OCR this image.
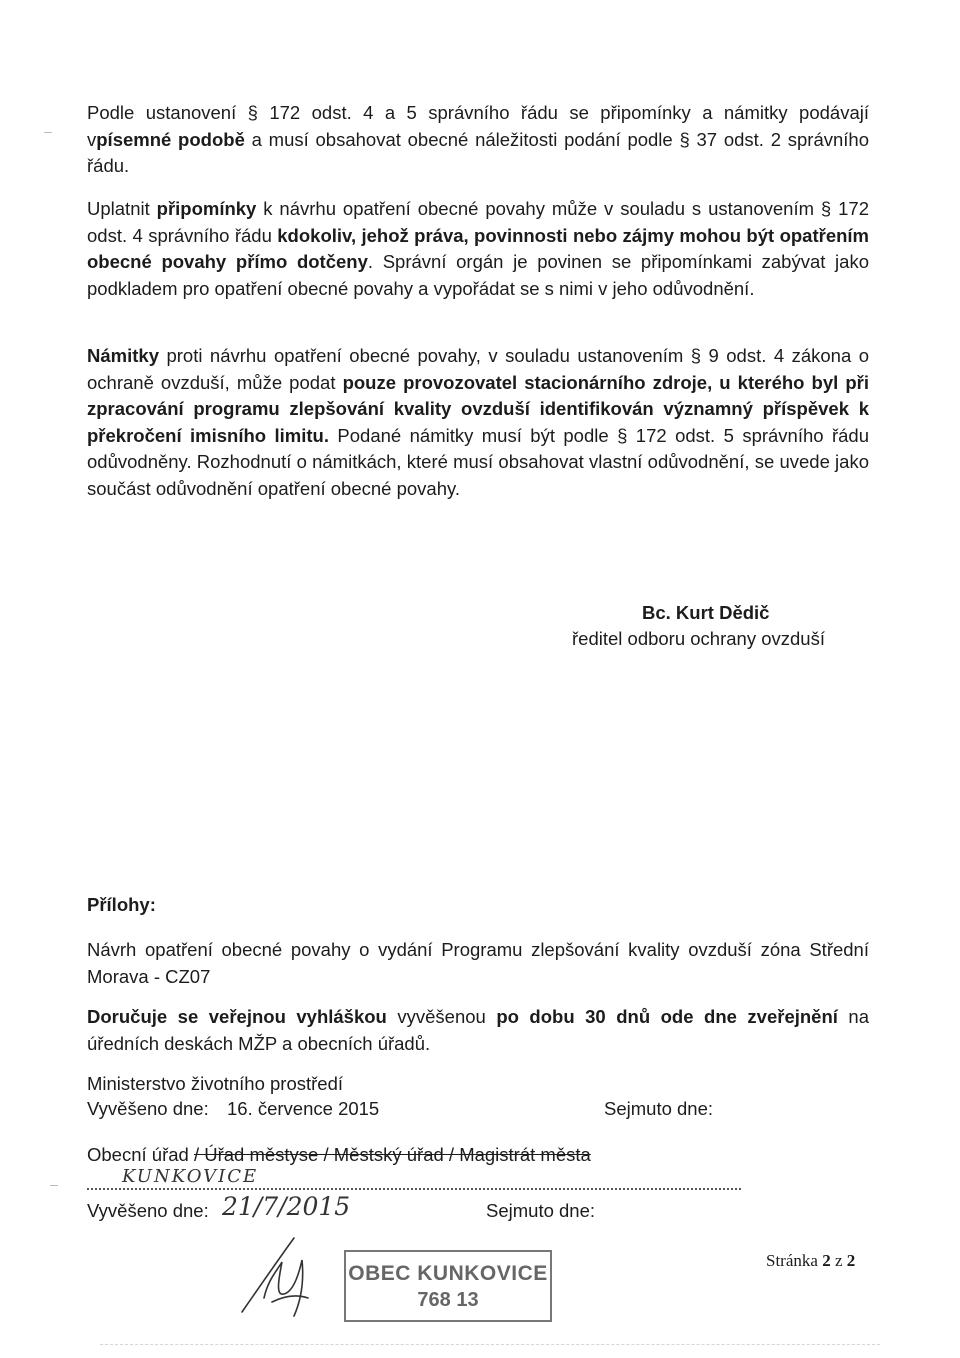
Podle ustanovení § 172 odst. 4 a 5 správního řádu se připomínky a námitky podávají vpísemné podobě a musí obsahovat obecné náležitosti podání podle § 37 odst. 2 správního řádu.
Uplatnit připomínky k návrhu opatření obecné povahy může v souladu s ustanovením § 172 odst. 4 správního řádu kdokoliv, jehož práva, povinnosti nebo zájmy mohou být opatřením obecné povahy přímo dotčeny. Správní orgán je povinen se připomínkami zabývat jako podkladem pro opatření obecné povahy a vypořádat se s nimi v jeho odůvodnění.
Námitky proti návrhu opatření obecné povahy, v souladu ustanovením § 9 odst. 4 zákona o ochraně ovzduší, může podat pouze provozovatel stacionárního zdroje, u kterého byl při zpracování programu zlepšování kvality ovzduší identifikován významný příspěvek k překročení imisního limitu. Podané námitky musí být podle § 172 odst. 5 správního řádu odůvodněny. Rozhodnutí o námitkách, které musí obsahovat vlastní odůvodnění, se uvede jako součást odůvodnění opatření obecné povahy.
Bc. Kurt Dědič
ředitel odboru ochrany ovzduší
Přílohy:
Návrh opatření obecné povahy o vydání Programu zlepšování kvality ovzduší zóna Střední Morava - CZ07
Doručuje se veřejnou vyhláškou vyvěšenou po dobu 30 dnů ode dne zveřejnění na úředních deskách MŽP a obecních úřadů.
Ministerstvo životního prostředí
Vyvěšeno dne: 16. července 2015	Sejmuto dne:
Obecní úřad / Úřad městyse / Městský úřad / Magistrát města
KUNKOVICE
Vyvěšeno dne: 21/7/2015	Sejmuto dne:
OBEC KUNKOVICE
768 13
Stránka 2 z 2
